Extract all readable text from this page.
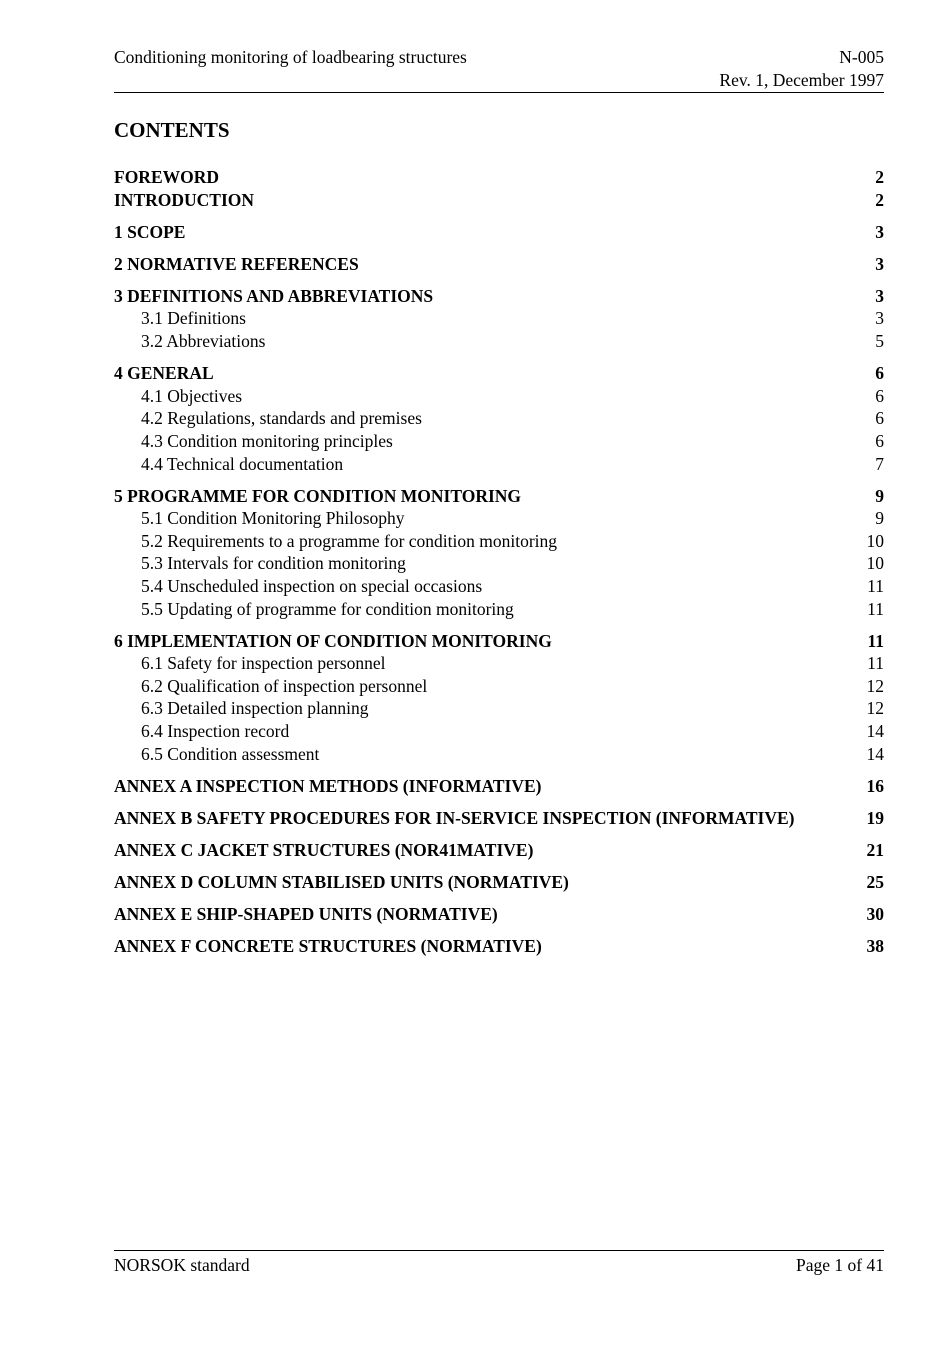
Conditioning monitoring of loadbearing structures	N-005
Rev. 1, December 1997
CONTENTS
FOREWORD	2
INTRODUCTION	2
1 SCOPE	3
2 NORMATIVE REFERENCES	3
3 DEFINITIONS AND ABBREVIATIONS	3
3.1 Definitions	3
3.2 Abbreviations	5
4 GENERAL	6
4.1 Objectives	6
4.2 Regulations, standards and premises	6
4.3 Condition monitoring principles	6
4.4 Technical documentation	7
5 PROGRAMME FOR CONDITION MONITORING	9
5.1 Condition Monitoring Philosophy	9
5.2 Requirements to a programme for condition monitoring	10
5.3 Intervals for condition monitoring	10
5.4 Unscheduled inspection on special occasions	11
5.5 Updating of programme for condition monitoring	11
6 IMPLEMENTATION OF CONDITION MONITORING	11
6.1 Safety for inspection personnel	11
6.2 Qualification of inspection personnel	12
6.3 Detailed inspection planning	12
6.4 Inspection record	14
6.5 Condition assessment	14
ANNEX A INSPECTION METHODS (INFORMATIVE)	16
ANNEX B SAFETY PROCEDURES FOR IN-SERVICE INSPECTION (INFORMATIVE)	19
ANNEX C JACKET STRUCTURES (NOR41MATIVE)	21
ANNEX D COLUMN STABILISED UNITS (NORMATIVE)	25
ANNEX E SHIP-SHAPED UNITS (NORMATIVE)	30
ANNEX F CONCRETE STRUCTURES (NORMATIVE)	38
NORSOK standard	Page 1 of 41
